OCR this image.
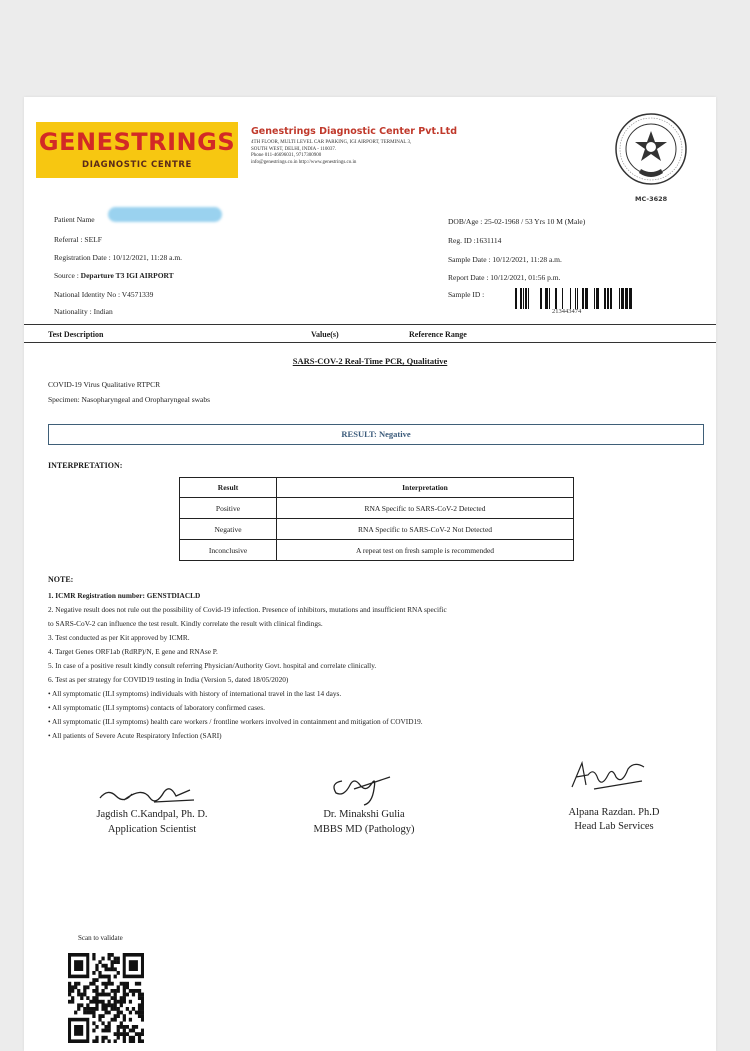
GENESTRINGS
DIAGNOSTIC CENTRE
Genestrings Diagnostic Center Pvt.Ltd
4TH FLOOR, MULTI LEVEL CAR PARKING, IGI AIRPORT, TERMINAL 3,
SOUTH WEST, DELHI, INDIA - 110037.
Phone 011-46696031, 9717300900
info@genestrings.co.in http://www.genestrings.co.in
MC-3628
Patient Name
Referral : SELF
Registration Date : 10/12/2021, 11:28 a.m.
Source : Departure T3 IGI AIRPORT
National Identity No : V4571339
Nationality : Indian
DOB/Age : 25-02-1968 / 53 Yrs 10 M (Male)
Reg. ID :1631114
Sample Date : 10/12/2021, 11:28 a.m.
Report Date : 10/12/2021, 01:56 p.m.
Sample ID :
213443474
Test Description	Value(s)	Reference Range
SARS-COV-2 Real-Time PCR, Qualitative
COVID-19 Virus Qualitative RTPCR
Specimen: Nasopharyngeal and Oropharyngeal swabs
RESULT: Negative
INTERPRETATION:
Result	Interpretation
Positive	RNA Specific to SARS-CoV-2 Detected
Negative	RNA Specific to SARS-CoV-2 Not Detected
Inconclusive	A repeat test on fresh sample is recommended
NOTE:
1. ICMR Registration number: GENSTDIACLD
2. Negative result does not rule out the possibility of Covid-19 infection. Presence of inhibitors, mutations and insufficient RNA specific
to SARS-CoV-2 can influence the test result. Kindly correlate the result with clinical findings.
3. Test conducted as per Kit approved by ICMR.
4. Target Genes ORF1ab (RdRP)/N, E gene and RNAse P.
5. In case of a positive result kindly consult referring Physician/Authority Govt. hospital and correlate clinically.
6. Test as per strategy for COVID19 testing in India (Version 5, dated 18/05/2020)
• All symptomatic (ILI symptoms) individuals with history of international travel in the last 14 days.
• All symptomatic (ILI symptoms) contacts of laboratory confirmed cases.
• All symptomatic (ILI symptoms) health care workers / frontline workers involved in containment and mitigation of COVID19.
• All patients of Severe Acute Respiratory Infection (SARI)
Jagdish C.Kandpal, Ph. D.
Application Scientist
Dr. Minakshi Gulia
MBBS MD (Pathology)
Alpana Razdan. Ph.D
Head Lab Services
Scan to validate
